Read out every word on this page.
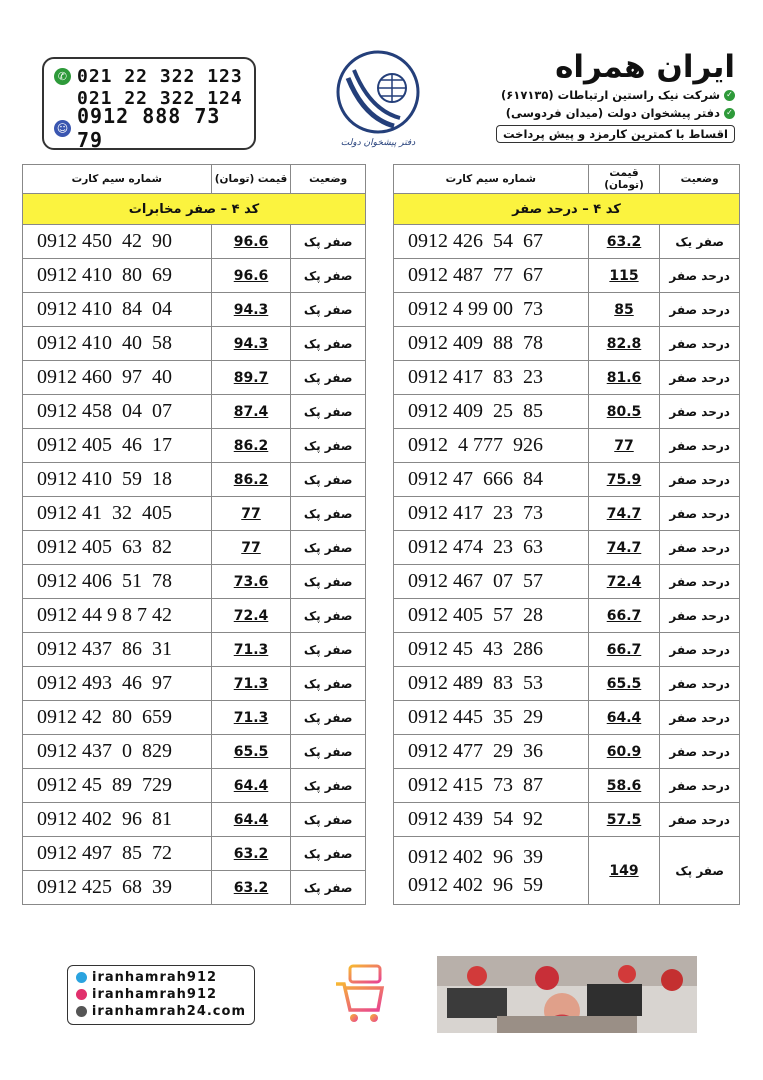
✆ 021 22 322 123
021 22 322 124
☺ 0912 888 73 79	دفتر پیشخوان دولت
ایران همراه
✓
شرکت نیک راستین ارتباطات (۶۱۷۱۳۵)
✓
دفتر پیشخوان دولت (میدان فردوسی)
اقساط با کمترین کارمزد و پیش پرداخت
وضعیت	قیمت (تومان)	شماره سیم کارت
کد ۴ – درحد صفر		
صفر یک	63.2	0912 426  54  67
درحد صفر	115	0912 487  77  67
درحد صفر	85	0912 4 99 00  73
درحد صفر	82.8	0912 409  88  78
درحد صفر	81.6	0912 417  83  23
درحد صفر	80.5	0912 409  25  85
درحد صفر	77	0912  4 777  926
درحد صفر	75.9	0912 47  666  84
درحد صفر	74.7	0912 417  23  73
درحد صفر	74.7	0912 474  23  63
درحد صفر	72.4	0912 467  07  57
درحد صفر	66.7	0912 405  57  28
درحد صفر	66.7	0912 45  43  286
درحد صفر	65.5	0912 489  83  53
درحد صفر	64.4	0912 445  35  29
درحد صفر	60.9	0912 477  29  36
درحد صفر	58.6	0912 415  73  87
درحد صفر	57.5	0912 439  54  92
صفر پک	149	0912 402  96  39
0912 402  96  59
وضعیت	قیمت (تومان)	شماره سیم کارت
کد ۴ – صفر مخابرات		
صفر پک	96.6	0912 450  42  90
صفر پک	96.6	0912 410  80  69
صفر پک	94.3	0912 410  84  04
صفر پک	94.3	0912 410  40  58
صفر پک	89.7	0912 460  97  40
صفر پک	87.4	0912 458  04  07
صفر پک	86.2	0912 405  46  17
صفر پک	86.2	0912 410  59  18
صفر پک	77	0912 41  32  405
صفر پک	77	0912 405  63  82
صفر پک	73.6	0912 406  51  78
صفر پک	72.4	0912 44 9 8 7 42
صفر پک	71.3	0912 437  86  31
صفر پک	71.3	0912 493  46  97
صفر پک	71.3	0912 42  80  659
صفر پک	65.5	0912 437  0  829
صفر پک	64.4	0912 45  89  729
صفر پک	64.4	0912 402  96  81
صفر پک	63.2	0912 497  85  72
صفر پک	63.2	0912 425  68  39
iranhamrah912
iranhamrah912
iranhamrah24.com
